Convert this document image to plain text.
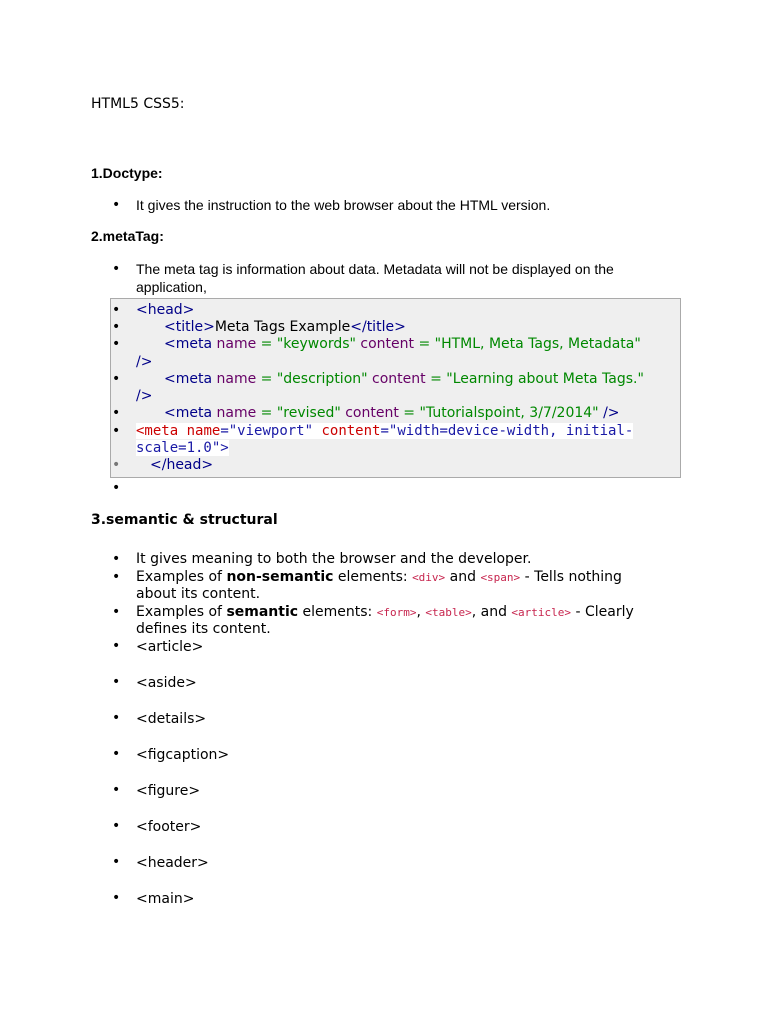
HTML5 CSS5:
1.Doctype:
• It gives the instruction to the web browser about the HTML version.
2.metaTag:
• The meta tag is information about data. Metadata will not be displayed on the
application,
• <head>
•	<title>Meta Tags Example</title>
•	<meta name = "keywords" content = "HTML, Meta Tags, Metadata"
/>
•	<meta name = "description" content = "Learning about Meta Tags."
/>
•	<meta name = "revised" content = "Tutorialspoint, 3/7/2014" />
• <meta name="viewport" content="width=device-width, initial-
scale=1.0">
• </head>
•
3.semantic & structural
• It gives meaning to both the browser and the developer.
• Examples of non-semantic elements: <div> and <span> - Tells nothing
about its content.
• Examples of semantic elements: <form>, <table>, and <article> - Clearly
defines its content.
• <article>
• <aside>
• <details>
• <figcaption>
• <figure>
• <footer>
• <header>
• <main>
